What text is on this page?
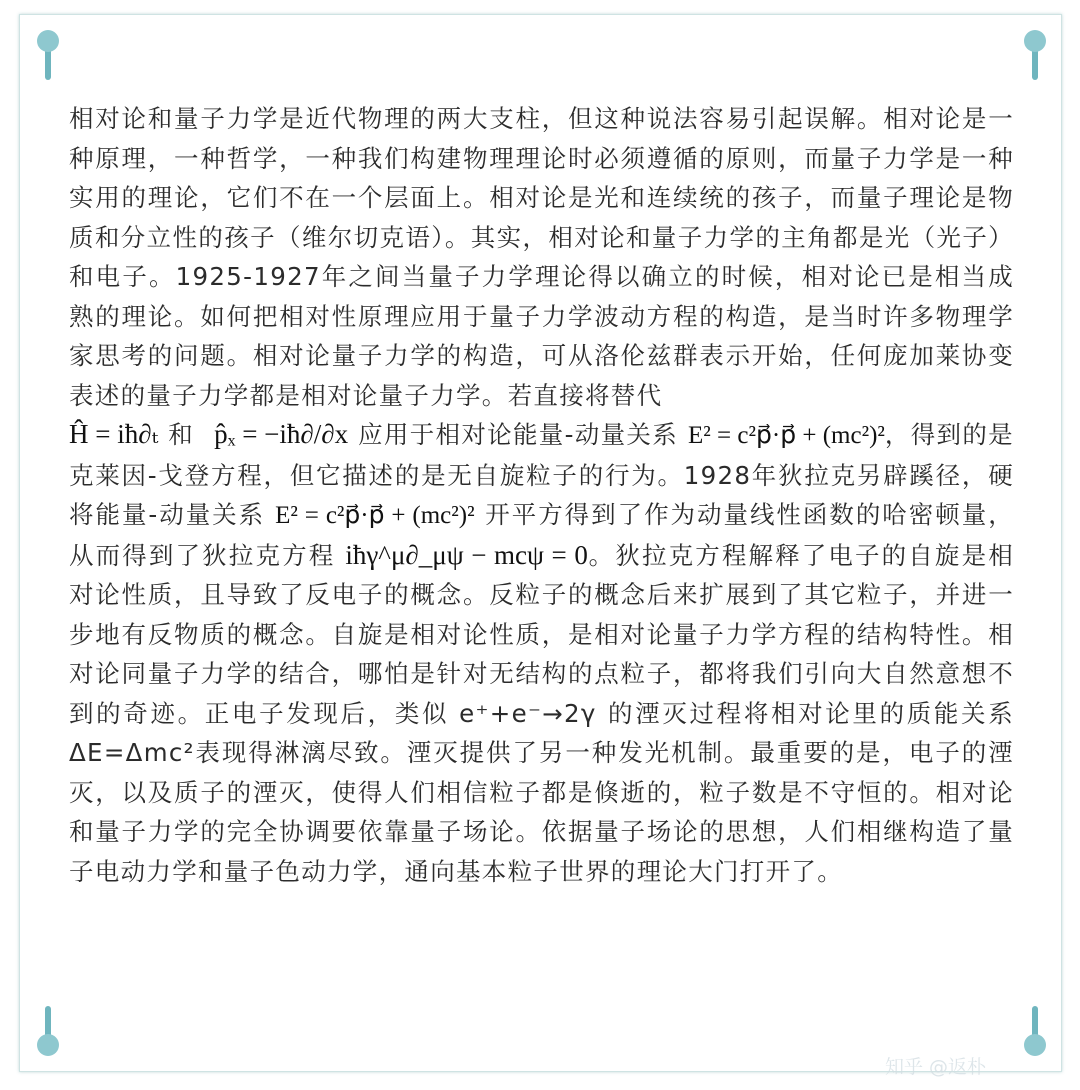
相对论和量子力学是近代物理的两大支柱，但这种说法容易引起误解。相对论是一种原理，一种哲学，一种我们构建物理理论时必须遵循的原则，而量子力学是一种实用的理论，它们不在一个层面上。相对论是光和连续统的孩子，而量子理论是物质和分立性的孩子（维尔切克语）。其实，相对论和量子力学的主角都是光（光子）和电子。1925-1927年之间当量子力学理论得以确立的时候，相对论已是相当成熟的理论。如何把相对性原理应用于量子力学波动方程的构造，是当时许多物理学家思考的问题。相对论量子力学的构造，可从洛伦兹群表示开始，任何庞加莱协变表述的量子力学都是相对论量子力学。若直接将替代
Ĥ = iħ∂ₜ 和 p̂ₓ = −iħ∂/∂x 应用于相对论能量-动量关系 E² = c²p⃗·p⃗ + (mc²)²，得到的是克莱因-戈登方程，但它描述的是无自旋粒子的行为。1928年狄拉克另辟蹊径，硬将能量-动量关系 E² = c²p⃗·p⃗ + (mc²)² 开平方得到了作为动量线性函数的哈密顿量，从而得到了狄拉克方程 iħγ^μ∂_μψ − mcψ = 0。狄拉克方程解释了电子的自旋是相对论性质，且导致了反电子的概念。反粒子的概念后来扩展到了其它粒子，并进一步地有反物质的概念。自旋是相对论性质，是相对论量子力学方程的结构特性。相对论同量子力学的结合，哪怕是针对无结构的点粒子，都将我们引向大自然意想不到的奇迹。正电子发现后，类似 e⁺+e⁻→2γ 的湮灭过程将相对论里的质能关系ΔE=Δmc²表现得淋漓尽致。湮灭提供了另一种发光机制。最重要的是，电子的湮灭，以及质子的湮灭，使得人们相信粒子都是倏逝的，粒子数是不守恒的。相对论和量子力学的完全协调要依靠量子场论。依据量子场论的思想，人们相继构造了量子电动力学和量子色动力学，通向基本粒子世界的理论大门打开了。

知乎 @返朴
